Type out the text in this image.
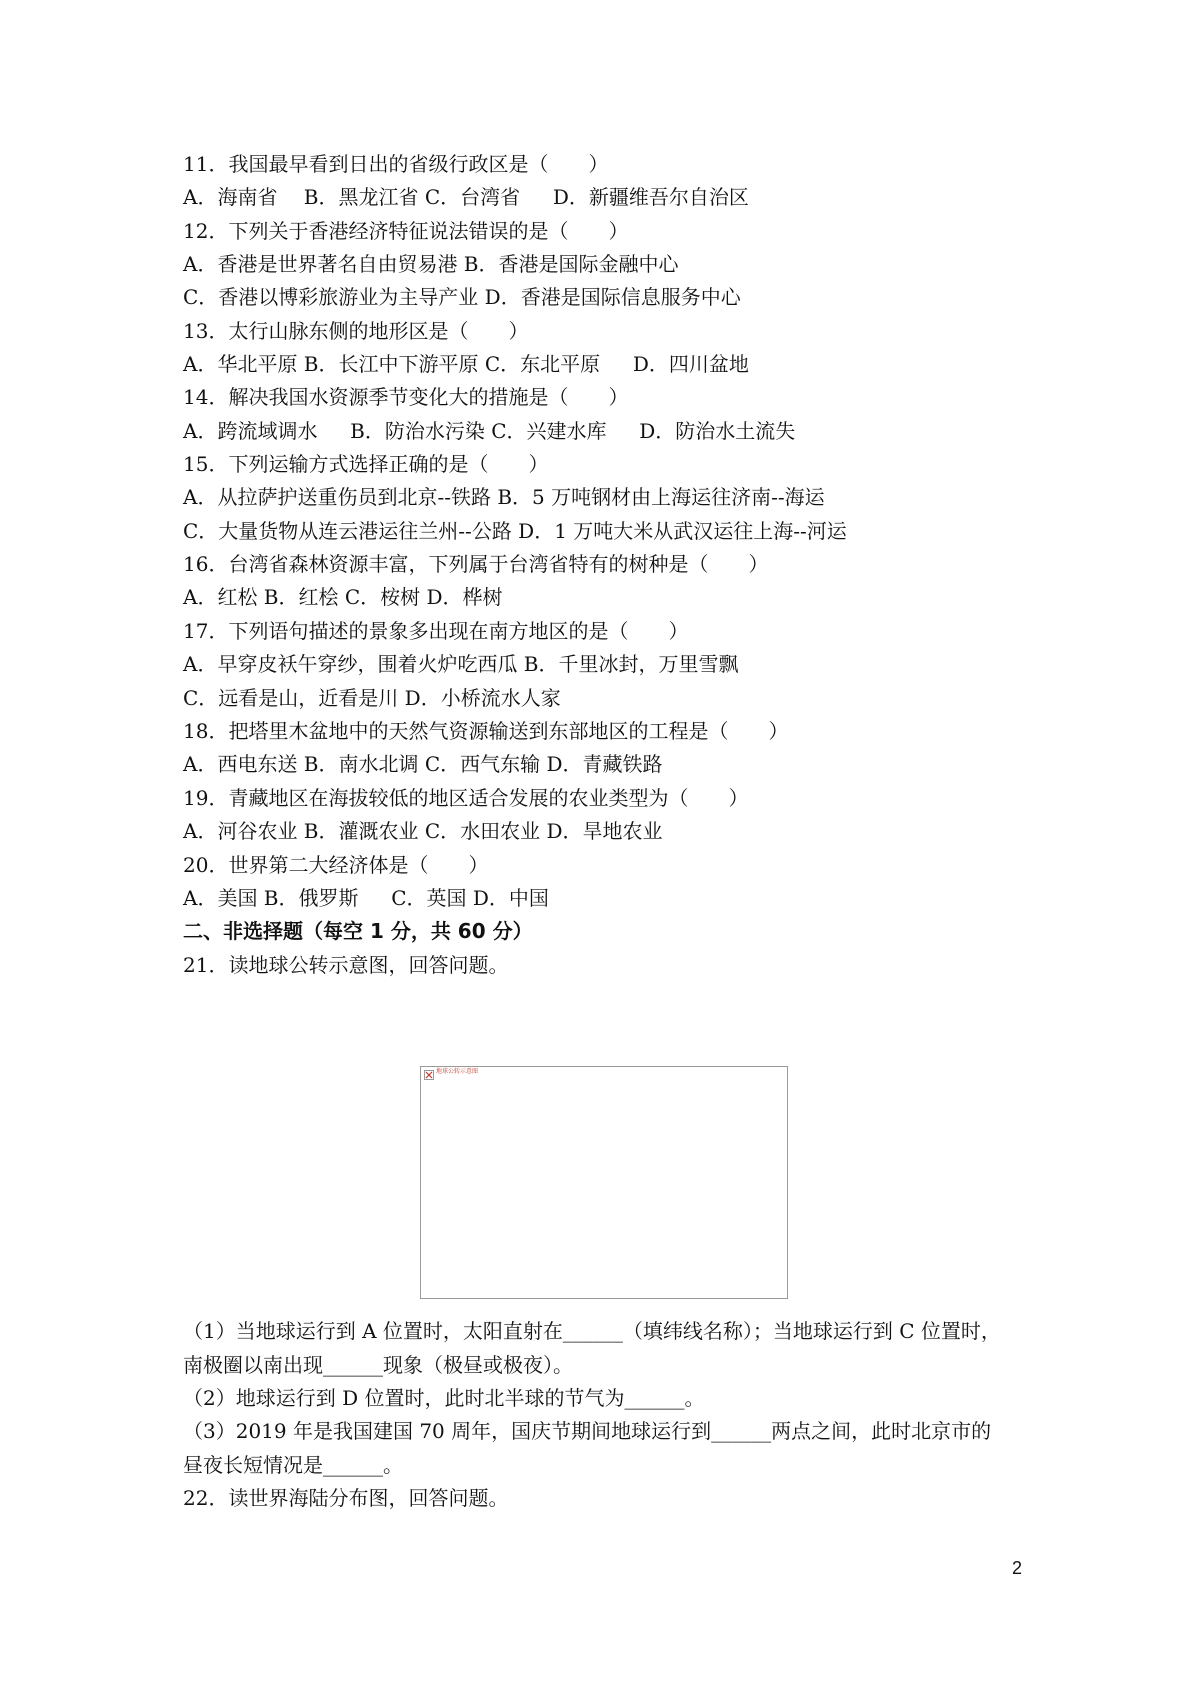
11．我国最早看到日出的省级行政区是（　　）
A．海南省　 B．黑龙江省 C．台湾省 　 D．新疆维吾尔自治区
12．下列关于香港经济特征说法错误的是（　　）
A．香港是世界著名自由贸易港 B．香港是国际金融中心
C．香港以博彩旅游业为主导产业 D．香港是国际信息服务中心
13．太行山脉东侧的地形区是（　　）
A．华北平原 B．长江中下游平原 C．东北平原 　 D．四川盆地
14．解决我国水资源季节变化大的措施是（　　）
A．跨流域调水 　 B．防治水污染 C．兴建水库 　 D．防治水土流失
15．下列运输方式选择正确的是（　　）
A．从拉萨护送重伤员到北京--铁路 B．5 万吨钢材由上海运往济南--海运
C．大量货物从连云港运往兰州--公路 D．1 万吨大米从武汉运往上海--河运
16．台湾省森林资源丰富，下列属于台湾省特有的树种是（　　）
A．红松 B．红桧 C．桉树 D．桦树
17．下列语句描述的景象多出现在南方地区的是（　　）
A．早穿皮袄午穿纱，围着火炉吃西瓜 B．千里冰封，万里雪飘
C．远看是山，近看是川 D．小桥流水人家
18．把塔里木盆地中的天然气资源输送到东部地区的工程是（　　）
A．西电东送 B．南水北调 C．西气东输 D．青藏铁路
19．青藏地区在海拔较低的地区适合发展的农业类型为（　　）
A．河谷农业 B．灌溉农业 C．水田农业 D．旱地农业
20．世界第二大经济体是（　　）
A．美国 B．俄罗斯 　 C．英国 D．中国
二、非选择题（每空 1 分，共 60 分）
21．读地球公转示意图，回答问题。
地球公转示意图
（1）当地球运行到 A 位置时，太阳直射在______（填纬线名称）；当地球运行到 C 位置时，
南极圈以南出现______现象（极昼或极夜）。
（2）地球运行到 D 位置时，此时北半球的节气为______。
（3）2019 年是我国建国 70 周年，国庆节期间地球运行到______两点之间，此时北京市的
昼夜长短情况是______。
22．读世界海陆分布图，回答问题。
2
